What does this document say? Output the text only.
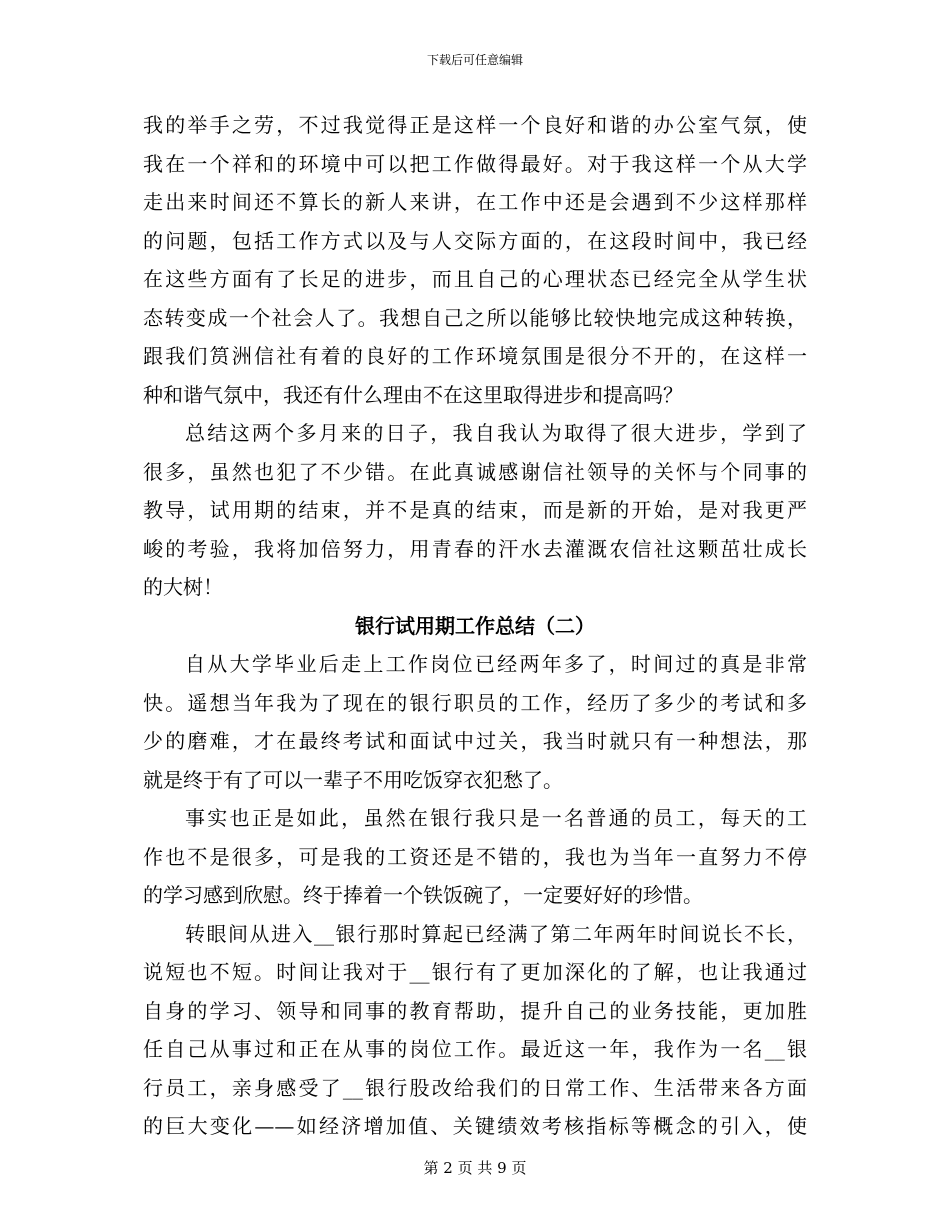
下载后可任意编辑
我的举手之劳，不过我觉得正是这样一个良好和谐的办公室气氛，使
我在一个祥和的环境中可以把工作做得最好。对于我这样一个从大学
走出来时间还不算长的新人来讲，在工作中还是会遇到不少这样那样
的问题，包括工作方式以及与人交际方面的，在这段时间中，我已经
在这些方面有了长足的进步，而且自己的心理状态已经完全从学生状
态转变成一个社会人了。我想自己之所以能够比较快地完成这种转换，
跟我们筼洲信社有着的良好的工作环境氛围是很分不开的，在这样一
种和谐气氛中，我还有什么理由不在这里取得进步和提高吗？
总结这两个多月来的日子，我自我认为取得了很大进步，学到了
很多，虽然也犯了不少错。在此真诚感谢信社领导的关怀与个同事的
教导，试用期的结束，并不是真的结束，而是新的开始，是对我更严
峻的考验，我将加倍努力，用青春的汗水去灌溉农信社这颗茁壮成长
的大树！
银行试用期工作总结（二）
自从大学毕业后走上工作岗位已经两年多了，时间过的真是非常
快。遥想当年我为了现在的银行职员的工作，经历了多少的考试和多
少的磨难，才在最终考试和面试中过关，我当时就只有一种想法，那
就是终于有了可以一辈子不用吃饭穿衣犯愁了。
事实也正是如此，虽然在银行我只是一名普通的员工，每天的工
作也不是很多，可是我的工资还是不错的，我也为当年一直努力不停
的学习感到欣慰。终于捧着一个铁饭碗了，一定要好好的珍惜。
转眼间从进入__银行那时算起已经满了第二年两年时间说长不长，
说短也不短。时间让我对于__银行有了更加深化的了解，也让我通过
自身的学习、领导和同事的教育帮助，提升自己的业务技能，更加胜
任自己从事过和正在从事的岗位工作。最近这一年，我作为一名__银
行员工，亲身感受了__银行股改给我们的日常工作、生活带来各方面
的巨大变化——如经济增加值、关键绩效考核指标等概念的引入，使
第 2 页 共 9 页
